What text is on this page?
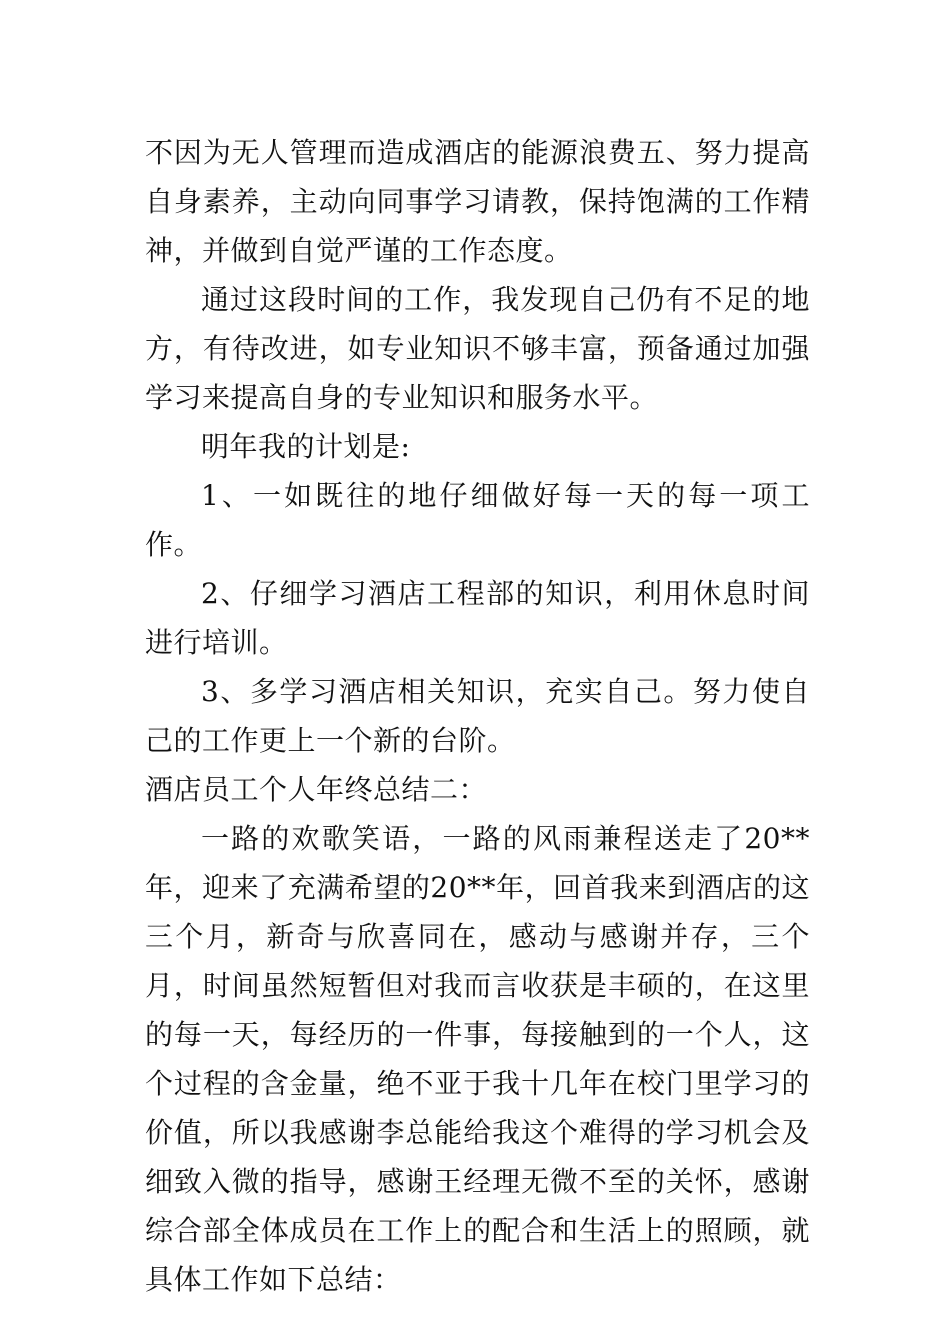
不因为无人管理而造成酒店的能源浪费五、努力提高自身素养，主动向同事学习请教，保持饱满的工作精神，并做到自觉严谨的工作态度。

通过这段时间的工作，我发现自己仍有不足的地方，有待改进，如专业知识不够丰富，预备通过加强学习来提高自身的专业知识和服务水平。

明年我的计划是:

1、一如既往的地仔细做好每一天的每一项工作。

2、仔细学习酒店工程部的知识，利用休息时间进行培训。

3、多学习酒店相关知识，充实自己。努力使自己的工作更上一个新的台阶。

酒店员工个人年终总结二：

一路的欢歌笑语，一路的风雨兼程送走了20**年，迎来了充满希望的20**年，回首我来到酒店的这三个月，新奇与欣喜同在，感动与感谢并存，三个月，时间虽然短暂但对我而言收获是丰硕的，在这里的每一天，每经历的一件事，每接触到的一个人，这个过程的含金量，绝不亚于我十几年在校门里学习的价值，所以我感谢李总能给我这个难得的学习机会及细致入微的指导，感谢王经理无微不至的关怀，感谢综合部全体成员在工作上的配合和生活上的照顾，就具体工作如下总结：
